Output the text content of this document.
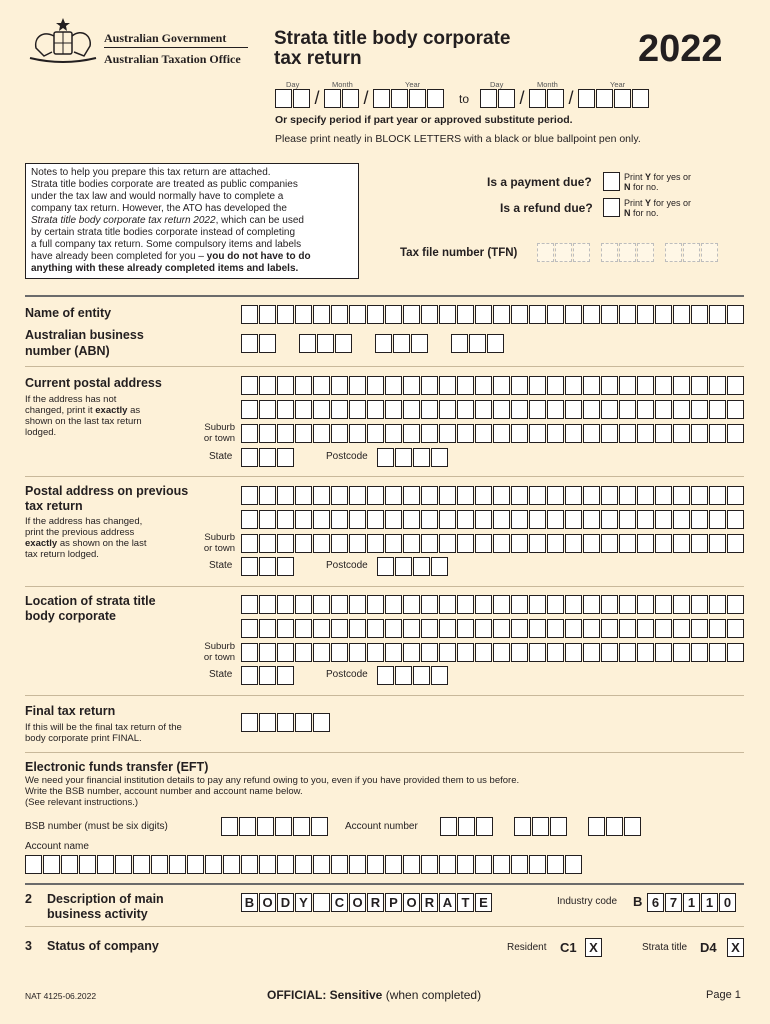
Australian Government
Australian Taxation Office
Strata title body corporate
tax return	2022
Day	Month	Year	Day	Month	Year
/ /	to	/ /
Or specify period if part year or approved substitute period.
Please print neatly in BLOCK LETTERS with a black or blue ballpoint pen only.
Notes to help you prepare this tax return are attached.
Strata title bodies corporate are treated as public companies
under the tax law and would normally have to complete a
company tax return. However, the ATO has developed the
Strata title body corporate tax return 2022, which can be used
by certain strata title bodies corporate instead of completing
a full company tax return. Some compulsory items and labels
have already been completed for you – you do not have to do
anything with these already completed items and labels.
Is a payment due?	Print Y for yes or
N for no.
Is a refund due?	Print Y for yes or
N for no.
Tax file number (TFN)
Name of entity
Australian business
number (ABN)
Current postal address
If the address has not
changed, print it exactly as
shown on the last tax return
lodged.	Suburb
or town
State	Postcode
Postal address on previous
tax return
If the address has changed,
print the previous address
exactly as shown on the last
tax return lodged.
Suburb
or town
State	Postcode
Location of strata title
body corporate
Suburb
or town
State	Postcode
Final tax return
If this will be the final tax return of the
body corporate print FINAL.
Electronic funds transfer (EFT)
We need your financial institution details to pay any refund owing to you, even if you have provided them to us before.
Write the BSB number, account number and account name below.
(See relevant instructions.)
BSB number (must be six digits)	Account number
Account name
2 Description of main
business activity
B O D Y	C O R P O R A T E	Industry code B 6 7 1 1 0
3 Status of company	Resident C1 X	Strata title D4	X
NAT 4125-06.2022	OFFICIAL: Sensitive (when completed)	Page 1
